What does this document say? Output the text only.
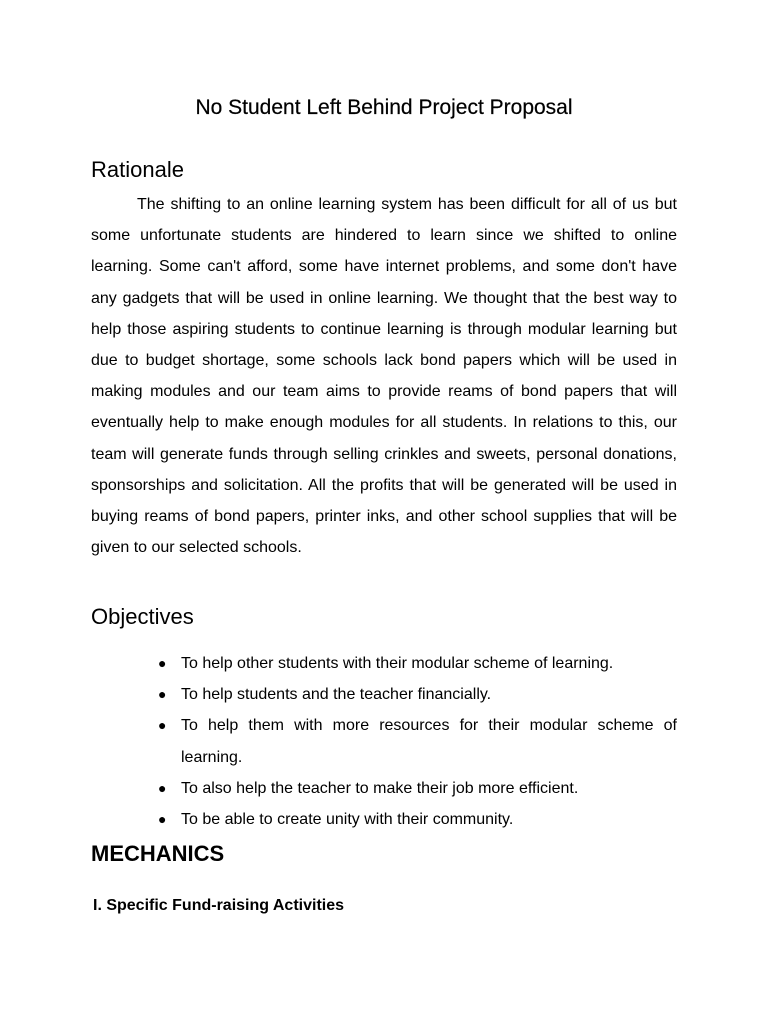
No Student Left Behind Project Proposal
Rationale

The shifting to an online learning system has been difficult for all of us but some unfortunate students are hindered to learn since we shifted to online learning. Some can't afford, some have internet problems, and some don't have any gadgets that will be used in online learning. We thought that the best way to help those aspiring students to continue learning is through modular learning but due to budget shortage, some schools lack bond papers which will be used in making modules and our team aims to provide reams of bond papers that will eventually help to make enough modules for all students. In relations to this, our team will generate funds through selling crinkles and sweets, personal donations, sponsorships and solicitation. All the profits that will be generated will be used in buying reams of bond papers, printer inks, and other school supplies that will be given to our selected schools.

Objectives
● To help other students with their modular scheme of learning.
● To help students and the teacher financially.
● To help them with more resources for their modular scheme of learning.
● To also help the teacher to make their job more efficient.
● To be able to create unity with their community.
MECHANICS
I. Specific Fund-raising Activities
